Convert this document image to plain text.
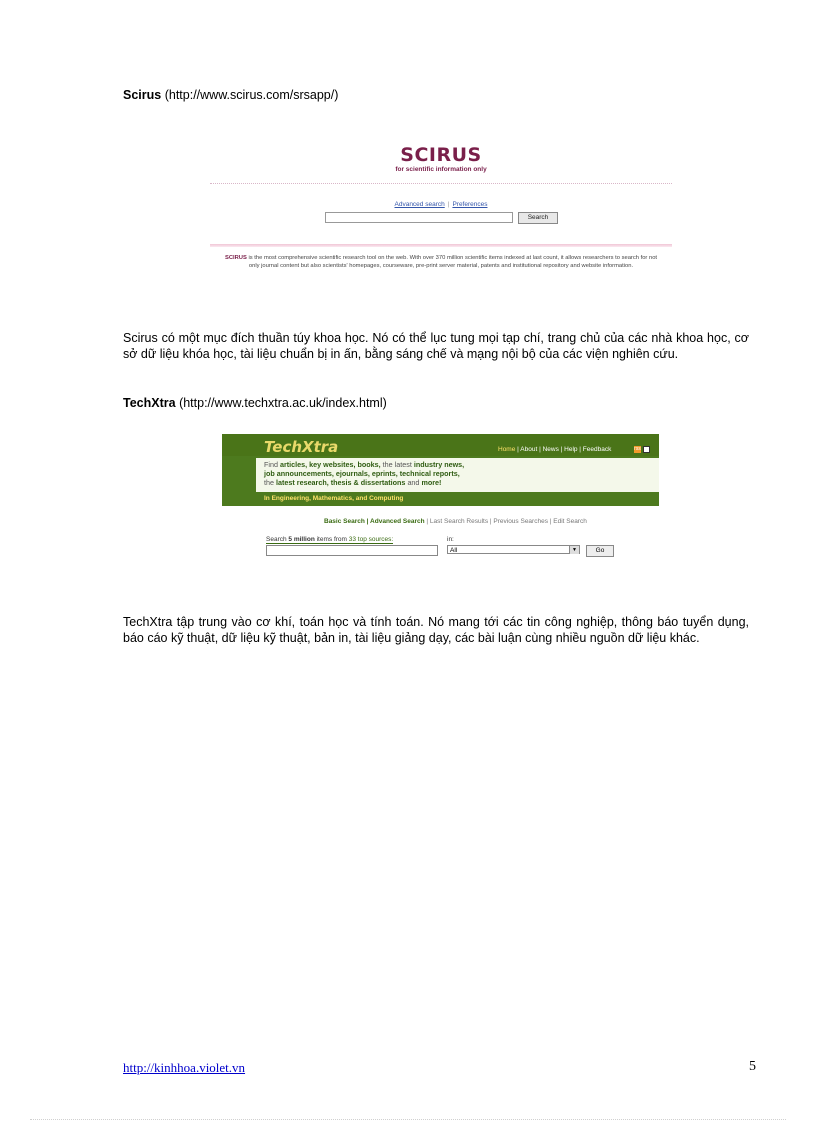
Scirus (http://www.scirus.com/srsapp/)
SCIRUS
for scientific information only
Advanced search | Preferences
Search
SCIRUS is the most comprehensive scientific research tool on the web. With over 370 million scientific items indexed at last count, it allows researchers to search for not only journal content but also scientists' homepages, courseware, pre-print server material, patents and institutional repository and website information.
Scirus có một mục đích thuần túy khoa học. Nó có thể lục tung mọi tạp chí, trang chủ của các nhà khoa học, cơ sở dữ liệu khóa học, tài liệu chuẩn bị in ấn, bằng sáng chế và mạng nội bộ của các viện nghiên cứu.
TechXtra (http://www.techxtra.ac.uk/index.html)
TechXtra	Home | About | News | Help | Feedback	rss
Find articles, key websites, books, the latest industry news,
job announcements, ejournals, eprints, technical reports,
the latest research, thesis & dissertations and more!
In Engineering, Mathematics, and Computing
Basic Search | Advanced Search | Last Search Results | Previous Searches | Edit Search
Search 5 million items from 33 top sources:	in:
All	▼	Go
TechXtra tập trung vào cơ khí, toán học và tính toán. Nó mang tới các tin công nghiệp, thông báo tuyển dụng, báo cáo kỹ thuật, dữ liệu kỹ thuật, bản in, tài liệu giảng dạy, các bài luận cùng nhiều nguồn dữ liệu khác.
http://kinhhoa.violet.vn	5
